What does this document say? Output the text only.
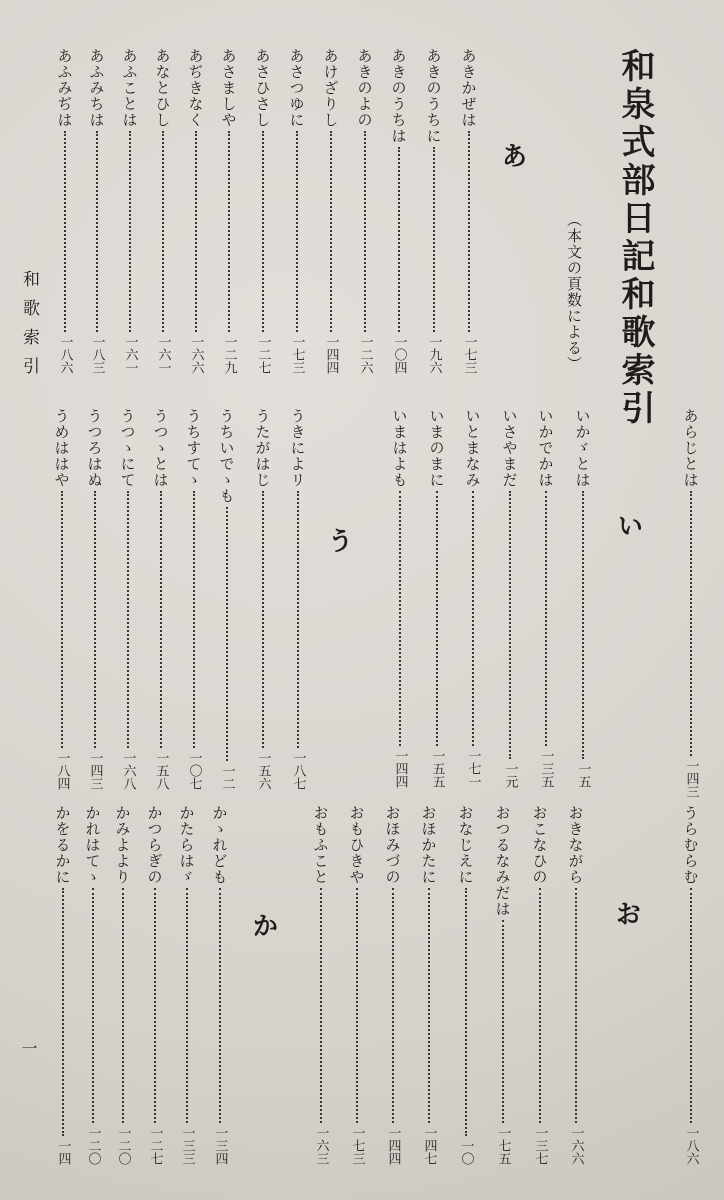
和泉式部日記和歌索引
（本文の頁数による）
あ
い
う
お
か
和歌索引
一
あらじとは
一四三
いかゞとは
一五
いかでかは
一三五
いさやまだ
一元
いとまなみ
一七一
いまのまに
一五五
いまはよも
一四四
うきによリ
一八七
うたがはじ
一五六
うちいでゝも
一二
うちすてゝ
一〇七
うつゝとは
一五八
うつゝにて
一六八
うつろはぬ
一四三
うめははや
一八四
あきかぜは
一七三
あきのうちに
一九六
あきのうちは
一〇四
あきのよの
一二六
あけざりし
一四四
あさつゆに
一七三
あさひさし
一二七
あさましや
一二九
あぢきなく
一六六
あなとひし
一六一
あふことは
一六一
あふみちは
一八三
あふみぢは
一八六
うらむらむ
一八六
おきながら
一六六
おこなひの
一三七
おつるなみだは
一七五
おなじえに
一〇
おほかたに
一四七
おほみづの
一四四
おもひきや
一七三
おもふこと
一六三
かゝれども
一三四
かたらはゞ
一三三
かつらぎの
一二七
かみよより
一二〇
かれはてゝ
一二〇
かをるかに
一四
